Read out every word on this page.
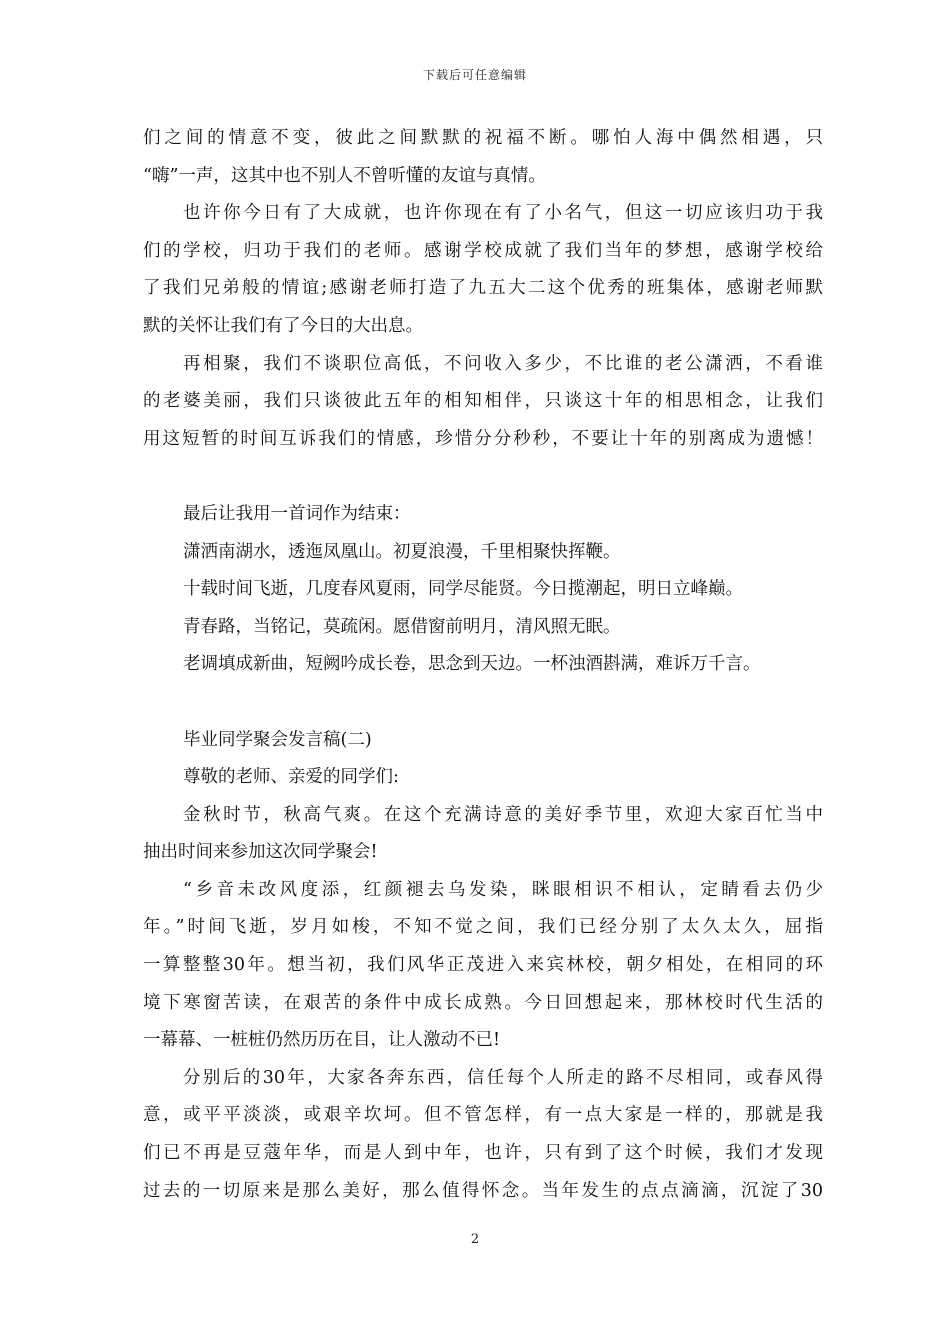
下载后可任意编辑
们之间的情意不变，彼此之间默默的祝福不断。哪怕人海中偶然相遇，只
“嗨”一声，这其中也不别人不曾听懂的友谊与真情。
也许你今日有了大成就，也许你现在有了小名气，但这一切应该归功于我
们的学校，归功于我们的老师。感谢学校成就了我们当年的梦想，感谢学校给
了我们兄弟般的情谊;感谢老师打造了九五大二这个优秀的班集体，感谢老师默
默的关怀让我们有了今日的大出息。
再相聚，我们不谈职位高低，不问收入多少，不比谁的老公潇洒，不看谁
的老婆美丽，我们只谈彼此五年的相知相伴，只谈这十年的相思相念，让我们
用这短暂的时间互诉我们的情感，珍惜分分秒秒，不要让十年的别离成为遗憾！
最后让我用一首词作为结束：
潇洒南湖水，透迤凤凰山。初夏浪漫，千里相聚快挥鞭。
十载时间飞逝，几度春风夏雨，同学尽能贤。今日揽潮起，明日立峰巅。
青春路，当铭记，莫疏闲。愿借窗前明月，清风照无眠。
老调填成新曲，短阙吟成长卷，思念到天边。一杯浊酒斟满，难诉万千言。
毕业同学聚会发言稿(二)
尊敬的老师、亲爱的同学们:
金秋时节，秋高气爽。在这个充满诗意的美好季节里，欢迎大家百忙当中
抽出时间来参加这次同学聚会!
“乡音未改风度添，红颜褪去乌发染，眯眼相识不相认，定睛看去仍少
年。”时间飞逝，岁月如梭，不知不觉之间，我们已经分别了太久太久，屈指
一算整整30年。想当初，我们风华正茂进入来宾林校，朝夕相处，在相同的环
境下寒窗苦读，在艰苦的条件中成长成熟。今日回想起来，那林校时代生活的
一幕幕、一桩桩仍然历历在目，让人激动不已!
分别后的30年，大家各奔东西，信任每个人所走的路不尽相同，或春风得
意，或平平淡淡，或艰辛坎坷。但不管怎样，有一点大家是一样的，那就是我
们已不再是豆蔻年华，而是人到中年，也许，只有到了这个时候，我们才发现
过去的一切原来是那么美好，那么值得怀念。当年发生的点点滴滴，沉淀了30
2
